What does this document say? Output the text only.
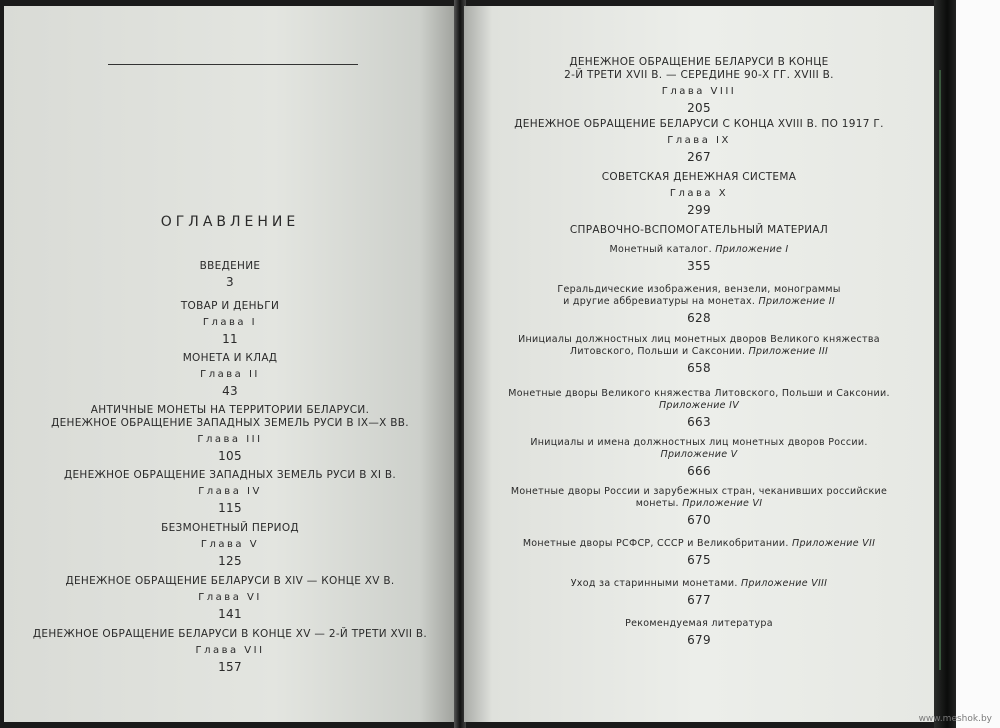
ОГЛАВЛЕНИЕ
ВВЕДЕНИЕ
3
ТОВАР И ДЕНЬГИ
Глава I
11
МОНЕТА И КЛАД
Глава II
43
АНТИЧНЫЕ МОНЕТЫ НА ТЕРРИТОРИИ БЕЛАРУСИ.
ДЕНЕЖНОЕ ОБРАЩЕНИЕ ЗАПАДНЫХ ЗЕМЕЛЬ РУСИ В IX—X ВВ.
Глава III
105
ДЕНЕЖНОЕ ОБРАЩЕНИЕ ЗАПАДНЫХ ЗЕМЕЛЬ РУСИ В XI В.
Глава IV
115
БЕЗМОНЕТНЫЙ ПЕРИОД
Глава V
125
ДЕНЕЖНОЕ ОБРАЩЕНИЕ БЕЛАРУСИ В XIV — КОНЦЕ XV В.
Глава VI
141
ДЕНЕЖНОЕ ОБРАЩЕНИЕ БЕЛАРУСИ В КОНЦЕ XV — 2-Й ТРЕТИ XVII В.
Глава VII
157
ДЕНЕЖНОЕ ОБРАЩЕНИЕ БЕЛАРУСИ В КОНЦЕ
2-Й ТРЕТИ XVII В. — СЕРЕДИНЕ 90-Х ГГ. XVIII В.
Глава VIII
205
ДЕНЕЖНОЕ ОБРАЩЕНИЕ БЕЛАРУСИ С КОНЦА XVIII В. ПО 1917 Г.
Глава IX
267
СОВЕТСКАЯ ДЕНЕЖНАЯ СИСТЕМА
Глава X
299
СПРАВОЧНО-ВСПОМОГАТЕЛЬНЫЙ МАТЕРИАЛ
Монетный каталог. Приложение I
355
Геральдические изображения, вензели, монограммы
и другие аббревиатуры на монетах. Приложение II
628
Инициалы должностных лиц монетных дворов Великого княжества
Литовского, Польши и Саксонии. Приложение III
658
Монетные дворы Великого княжества Литовского, Польши и Саксонии.
Приложение IV
663
Инициалы и имена должностных лиц монетных дворов России.
Приложение V
666
Монетные дворы России и зарубежных стран, чеканивших российские
монеты. Приложение VI
670
Монетные дворы РСФСР, СССР и Великобритании. Приложение VII
675
Уход за старинными монетами. Приложение VIII
677
Рекомендуемая литература
679
www.meshok.by
